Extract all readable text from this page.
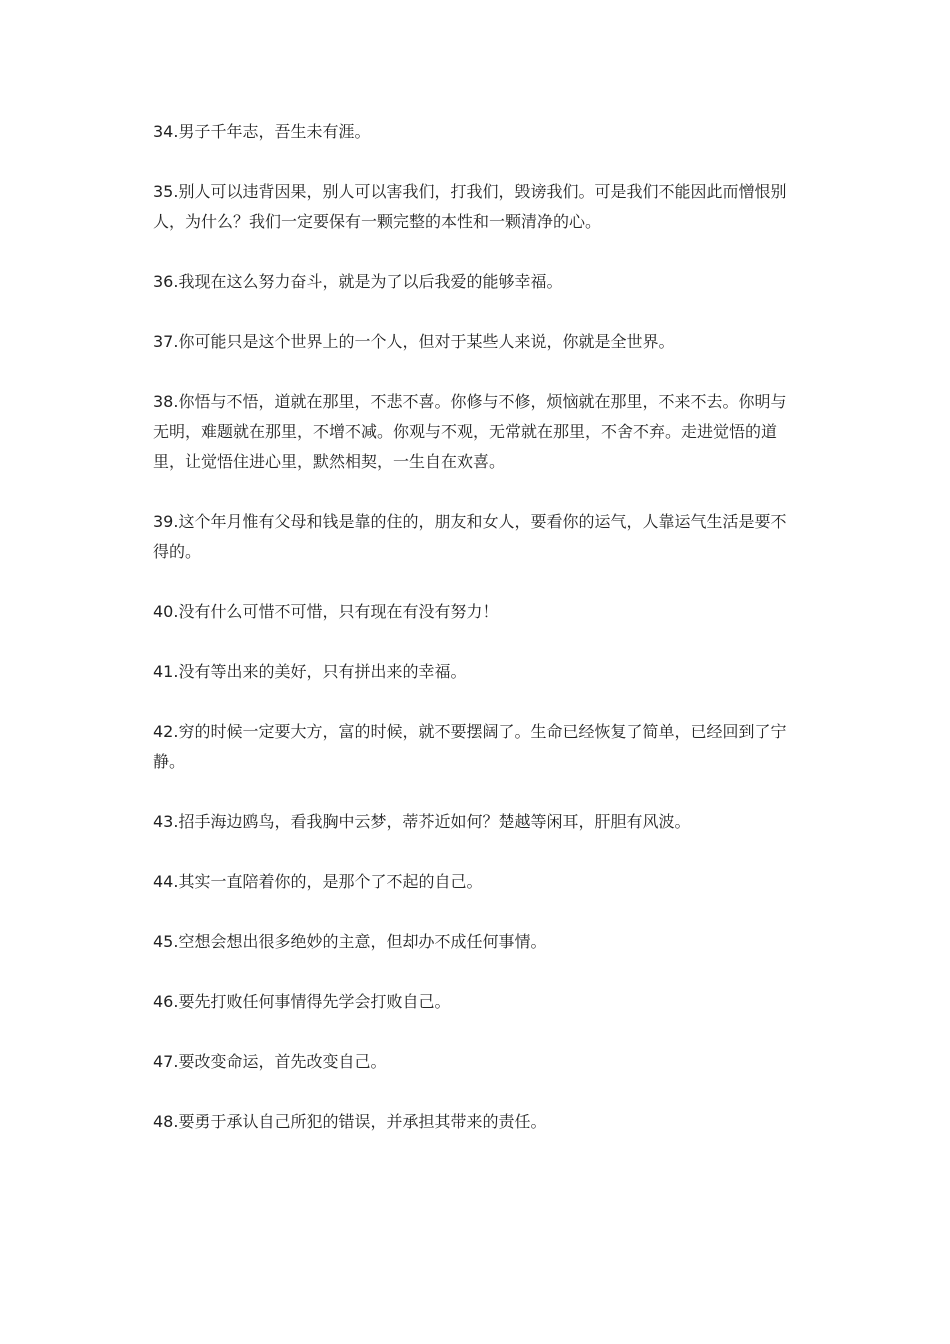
34.男子千年志，吾生未有涯。

35.别人可以违背因果，别人可以害我们，打我们，毁谤我们。可是我们不能因此而憎恨别人，为什么？我们一定要保有一颗完整的本性和一颗清净的心。

36.我现在这么努力奋斗，就是为了以后我爱的能够幸福。

37.你可能只是这个世界上的一个人，但对于某些人来说，你就是全世界。

38.你悟与不悟，道就在那里，不悲不喜。你修与不修，烦恼就在那里，不来不去。你明与无明，难题就在那里，不增不减。你观与不观，无常就在那里，不舍不弃。走进觉悟的道里，让觉悟住进心里，默然相契，一生自在欢喜。

39.这个年月惟有父母和钱是靠的住的，朋友和女人，要看你的运气，人靠运气生活是要不得的。

40.没有什么可惜不可惜，只有现在有没有努力！

41.没有等出来的美好，只有拼出来的幸福。

42.穷的时候一定要大方，富的时候，就不要摆阔了。生命已经恢复了简单，已经回到了宁静。

43.招手海边鸥鸟，看我胸中云梦，蒂芥近如何？楚越等闲耳，肝胆有风波。

44.其实一直陪着你的，是那个了不起的自己。

45.空想会想出很多绝妙的主意，但却办不成任何事情。

46.要先打败任何事情得先学会打败自己。

47.要改变命运，首先改变自己。

48.要勇于承认自己所犯的错误，并承担其带来的责任。
